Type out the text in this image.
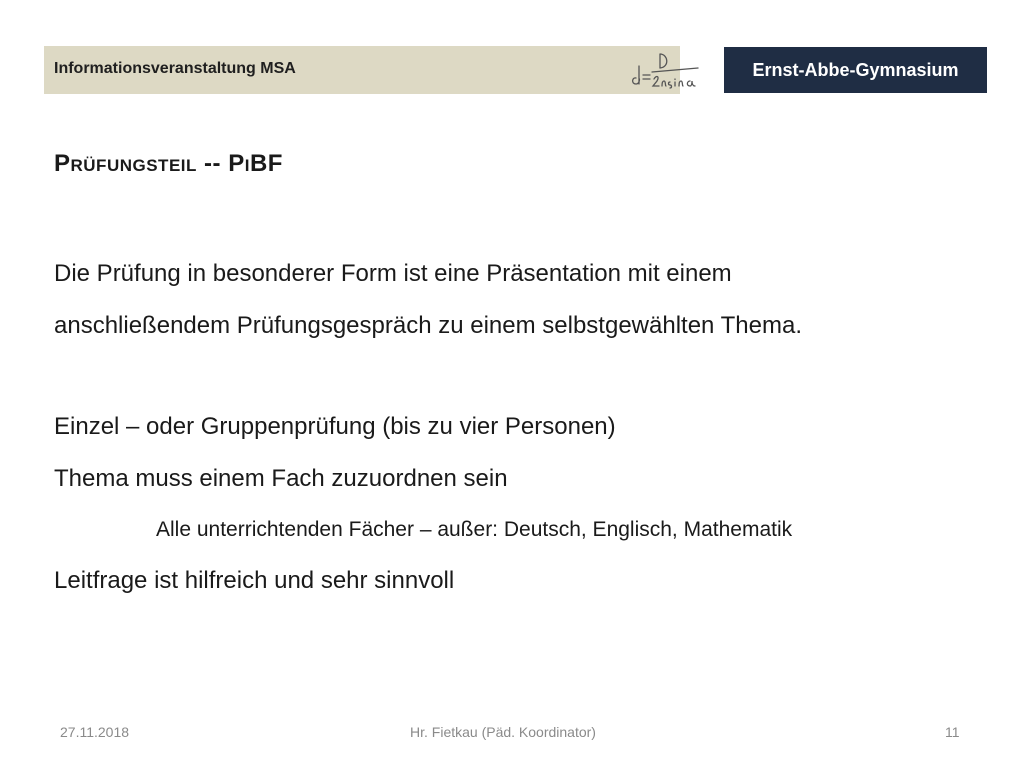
Informationsveranstaltung MSA	Ernst-Abbe-Gymnasium
Prüfungsteil -- PiBF
Die Prüfung in besonderer Form ist eine Präsentation mit einem
anschließendem Prüfungsgespräch zu einem selbstgewählten Thema.
Einzel – oder Gruppenprüfung (bis zu vier Personen)
Thema muss einem Fach zuzuordnen sein
Alle unterrichtenden Fächer – außer: Deutsch, Englisch, Mathematik
Leitfrage ist hilfreich und sehr sinnvoll
27.11.2018	Hr. Fietkau (Päd. Koordinator)	11
